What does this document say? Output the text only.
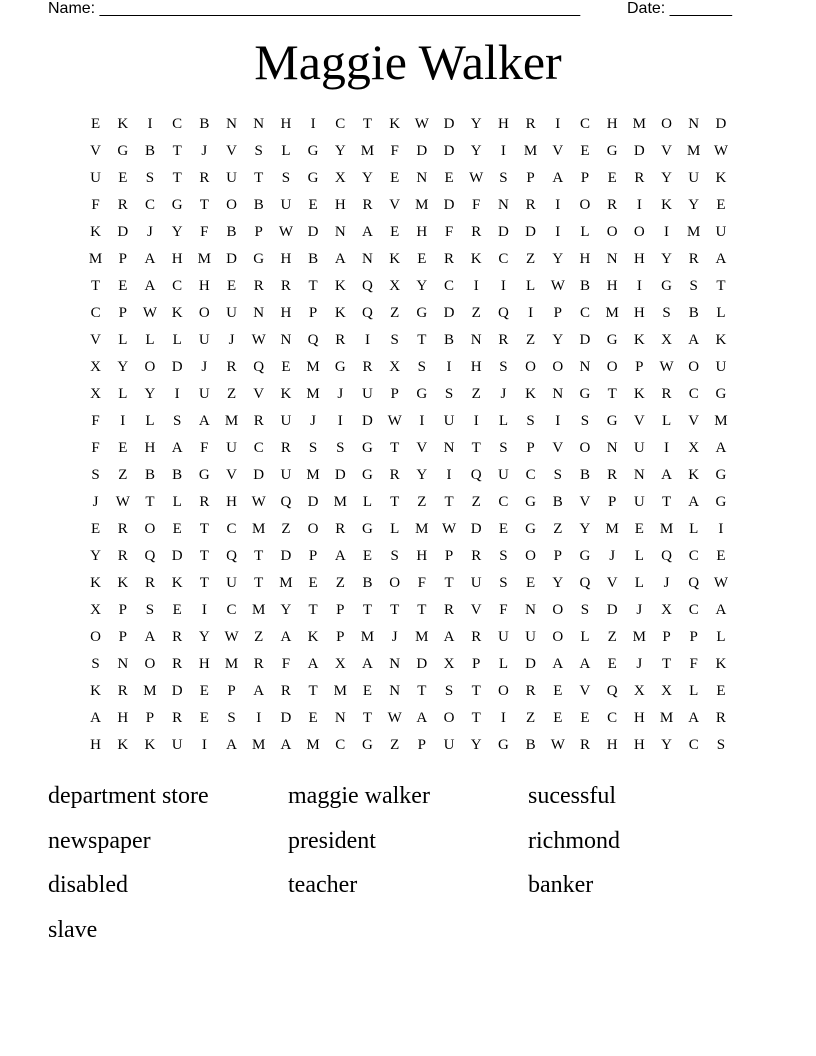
Name: ______________________________________________________	Date: _______
Maggie Walker
E	K	I	C	B	N	N	H	I	C	T	K W D	Y	H	R	I	C	H	M	O	N	D
V	G	B	T	J	V	S	L	G	Y	M	F	D	D	Y	I	M	V	E	G	D	V	M W
U	E	S	T	R	U	T	S	G	X	Y	E	N	E	W	S	P	A	P	E	R	Y	U	K
F	R	C	G	T	O	B	U	E	H	R	V	M	D	F	N	R	I	O	R	I	K	Y	E
K	D	J	Y	F	B	P	W D	N	A	E	H	F	R	D	D	I	L	O	O	I	M	U
M	P	A	H	M	D	G	H	B	A	N	K	E	R	K	C	Z	Y	H	N	H	Y	R	A
T	E	A	C	H	E	R	R	T	K	Q	X	Y	C	I	I	L	W	B	H	I	G	S	T
C	P	W K	O	U	N	H	P	K	Q	Z	G	D	Z	Q	I	P	C	M	H	S	B	L
V	L	L	L	U	J	W N	Q	R	I	S	T	B	N	R	Z	Y	D	G	K	X	A	K
X	Y	O	D	J	R	Q	E	M	G	R	X	S	I	H	S	O	O	N	O	P	W O	U
X	L	Y	I	U	Z	V	K	M	J	U	P	G	S	Z	J	K	N	G	T	K	R	C	G
F	I	L	S	A	M	R	U	J	I	D W	I	U	I	L	S	I	S	G	V	L	V	M
F	E	H	A	F	U	C	R	S	S	G	T	V	N	T	S	P	V	O	N	U	I	X	A
S	Z	B	B	G	V	D	U	M	D	G	R	Y	I	Q	U	C	S	B	R	N	A	K	G
J	W	T	L	R	H W Q	D	M	L	T	Z	T	Z	C	G	B	V	P	U	T	A	G
E	R	O	E	T	C	M	Z	O	R	G	L	M W D	E	G	Z	Y	M	E	M	L	I
Y	R	Q	D	T	Q	T	D	P	A	E	S	H	P	R	S	O	P	G	J	L	Q	C	E
K	K	R	K	T	U	T	M	E	Z	B	O	F	T	U	S	E	Y	Q	V	L	J	Q W
X	P	S	E	I	C	M	Y	T	P	T	T	T	R	V	F	N	O	S	D	J	X	C	A
O	P	A	R	Y W	Z	A	K	P	M	J	M	A	R	U	U	O	L	Z	M	P	P	L
S	N	O	R	H	M	R	F	A	X	A	N	D	X	P	L	D	A	A	E	J	T	F	K
K	R	M	D	E	P	A	R	T	M	E	N	T	S	T	O	R	E	V	Q	X	X	L	E
A	H	P	R	E	S	I	D	E	N	T	W A	O	T	I	Z	E	E	C	H	M	A	R
H	K	K	U	I	A	M	A	M	C	G	Z	P	U	Y	G	B	W	R	H	H	Y	C	S
department store	maggie walker	sucessful
newspaper	president	richmond
disabled	teacher	banker
slave
